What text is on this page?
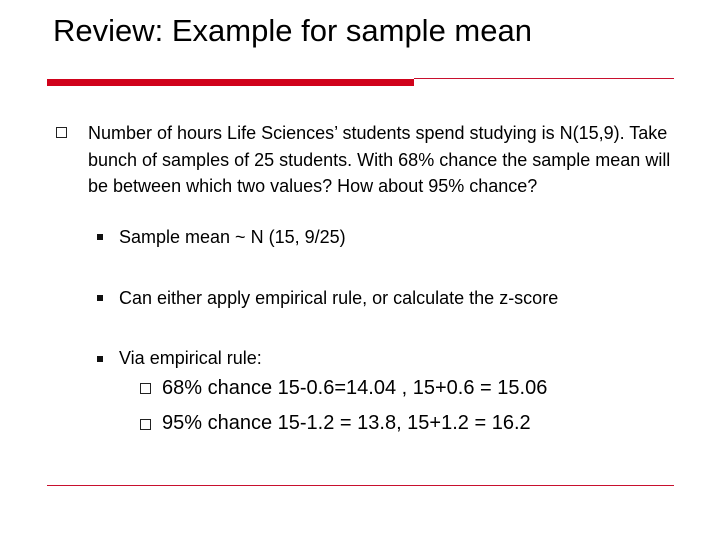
Review: Example for sample mean
Number of hours Life Sciences’ students spend studying is N(15,9). Take bunch of samples of 25 students. With 68% chance the sample mean will be between which two values? How about 95% chance?
Sample mean ~ N (15, 9/25)
Can either apply empirical rule, or calculate the z-score
Via empirical rule:
68% chance 15-0.6=14.04 , 15+0.6 = 15.06
95% chance 15-1.2 = 13.8, 15+1.2 = 16.2
